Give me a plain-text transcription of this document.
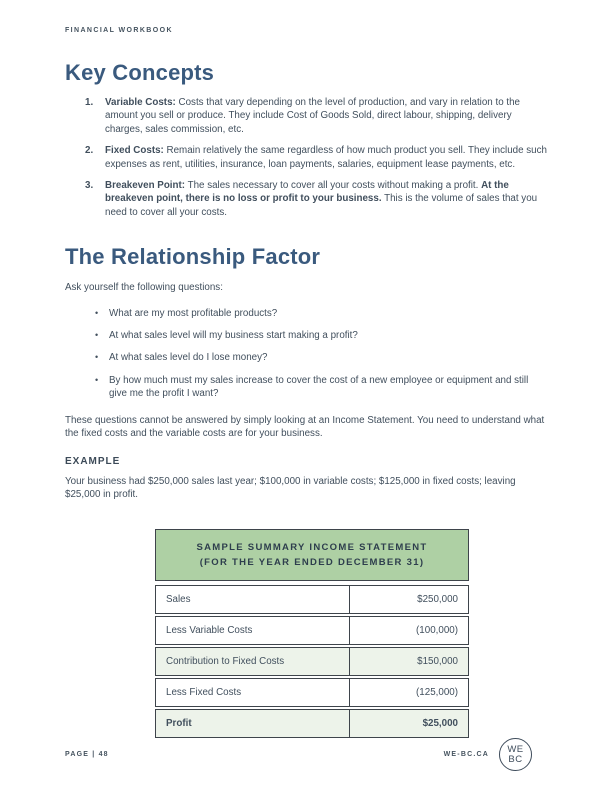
FINANCIAL WORKBOOK
Key Concepts
1.	Variable Costs: Costs that vary depending on the level of production, and vary in relation to the amount you sell or produce. They include Cost of Goods Sold, direct labour, shipping, delivery charges, sales commission, etc.
2.	Fixed Costs: Remain relatively the same regardless of how much product you sell. They include such expenses as rent, utilities, insurance, loan payments, salaries, equipment lease payments, etc.
3.	Breakeven Point: The sales necessary to cover all your costs without making a profit. At the breakeven point, there is no loss or profit to your business. This is the volume of sales that you need to cover all your costs.
The Relationship Factor

Ask yourself the following questions:

•	What are my most profitable products?
•	At what sales level will my business start making a profit?
•	At what sales level do I lose money?
•	By how much must my sales increase to cover the cost of a new employee or equipment and still give me the profit I want?

These questions cannot be answered by simply looking at an Income Statement. You need to understand what the fixed costs and the variable costs are for your business.

EXAMPLE

Your business had $250,000 sales last year; $100,000 in variable costs; $125,000 in fixed costs; leaving $25,000 in profit.

SAMPLE SUMMARY INCOME STATEMENT
(FOR THE YEAR ENDED DECEMBER 31)
Sales	$250,000
Less Variable Costs	(100,000)
Contribution to Fixed Costs	$150,000
Less Fixed Costs	(125,000)
Profit	$25,000
PAGE | 48	WE-BC.CA WE
BC
